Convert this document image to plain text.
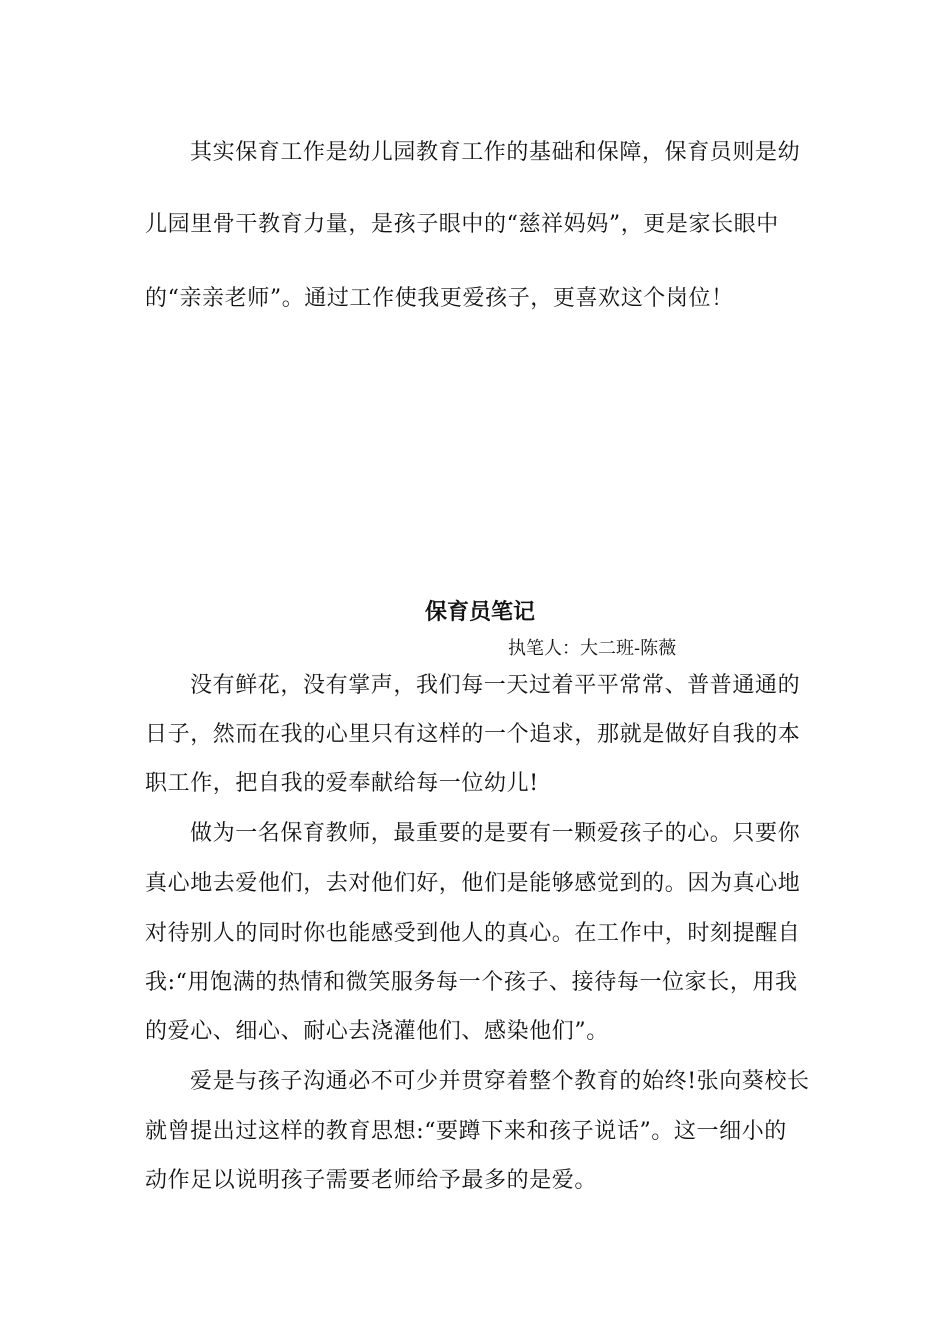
其实保育工作是幼儿园教育工作的基础和保障，保育员则是幼
儿园里骨干教育力量，是孩子眼中的“慈祥妈妈”，更是家长眼中
的“亲亲老师”。通过工作使我更爱孩子，更喜欢这个岗位！
保育员笔记
执笔人：大二班-陈薇
没有鲜花，没有掌声，我们每一天过着平平常常、普普通通的
日子，然而在我的心里只有这样的一个追求，那就是做好自我的本
职工作，把自我的爱奉献给每一位幼儿!
做为一名保育教师，最重要的是要有一颗爱孩子的心。只要你
真心地去爱他们，去对他们好，他们是能够感觉到的。因为真心地
对待别人的同时你也能感受到他人的真心。在工作中，时刻提醒自
我:“用饱满的热情和微笑服务每一个孩子、接待每一位家长，用我
的爱心、细心、耐心去浇灌他们、感染他们”。
爱是与孩子沟通必不可少并贯穿着整个教育的始终!张向葵校长
就曾提出过这样的教育思想:“要蹲下来和孩子说话”。这一细小的
动作足以说明孩子需要老师给予最多的是爱。
